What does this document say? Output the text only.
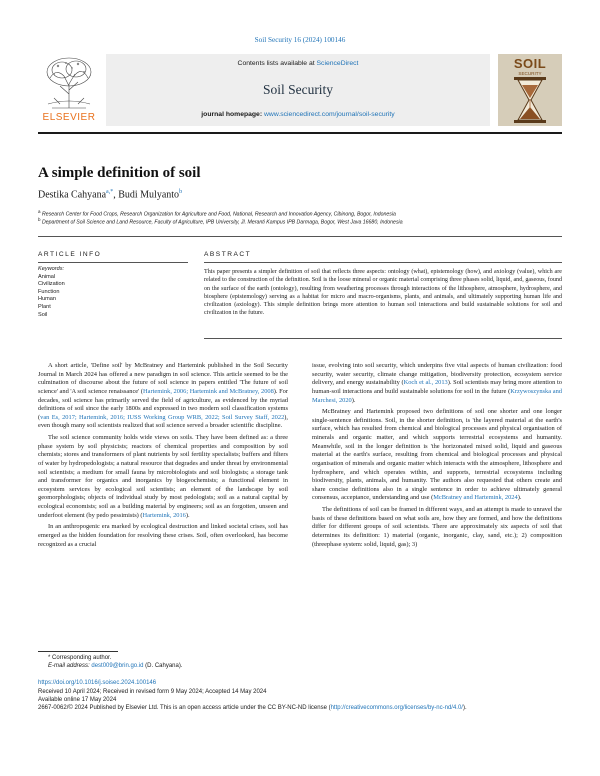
Soil Security 16 (2024) 100146
ELSEVIER
Contents lists available at ScienceDirect
Soil Security
journal homepage: www.sciencedirect.com/journal/soil-security
SOIL
SECURITY
A simple definition of soil
Destika Cahyana$^{a,*}$, Budi Mulyanto$^b$
$^a$ Research Center for Food Crops, Research Organization for Agriculture and Food, National, Research and Innovation Agency, Cibinong, Bogor, Indonesia
$^b$ Department of Soil Science and Land Resource, Faculty of Agriculture, IPB University, Jl. Meranti Kampus IPB Darmaga, Bogor, West Java 16680, Indonesia
ARTICLE INFO	ABSTRACT
Keywords:
Animal
Civilization
Function
Human
Plant
Soil
This paper presents a simpler definition of soil that reflects three aspects: ontology (what), epistemology (how), and axiology (value), which are related to the construction of the definition. Soil is the loose mineral or organic material comprising three phases solid, liquid, and, gaseous, found on the surface of the earth (ontology), resulting from weathering processes through interactions of the lithosphere, atmosphere, hydrosphere, and biosphere (epistemology) serving as a habitat for micro and macro-organisms, plants, and animals, and ultimately supporting human life and civilization (axiology). This simple definition brings more attention to human soil interactions and build sustainable solutions for soil and civilization in the future.

A short article, 'Define soil' by McBratney and Hartemink published in the Soil Security Journal in March 2024 has offered a new paradigm in soil science. This article seemed to be the culmination of discourse about the future of soil science in papers entitled 'The future of soil science' and 'A soil science renaissance' (Hartemink, 2006; Hartemink and McBratney, 2008). For decades, soil science has primarily served the field of agriculture, as evidenced by the myriad definitions of soil since the early 1800s and expressed in two modern soil classification systems (van Es, 2017; Hartemink, 2016; IUSS Working Group WRB, 2022; Soil Survey Staff, 2022), even though many soil scientists realized that soil science served a broader scientific discipline.

The soil science community holds wide views on soils. They have been defined as: a three phase system by soil physicists; reactors of chemical properties and composition by soil chemists; stores and transformers of plant nutrients by soil fertility specialists; buffers and filters of water by hydropedologists; a natural resource that degrades and under threat by environmental soil scientists; a medium for small fauna by microbiologists and soil biologists; a storage tank and transformer for organics and inorganics by biogeochemists; a functional element in ecosystem services by ecological soil scientists; an element of the landscape by soil geomorphologists; objects of individual study by most pedologists; soil as a natural capital by ecological economists; soil as a building material by engineers; soil as an forgotten, unseen and underfoot element (by pedo pessimists) (Hartemink, 2016).

In an anthropogenic era marked by ecological destruction and linked societal crises, soil has emerged as the hidden foundation for resolving these crises. Soil, often overlooked, has become recognized as a crucial

issue, evolving into soil security, which underpins five vital aspects of human civilization: food security, water security, climate change mitigation, biodiversity protection, ecosystem service delivery, and energy sustainability (Koch et al., 2013). Soil scientists may bring more attention to human-soil interactions and build sustainable solutions for soil in the future (Krzywoszynska and Marchesi, 2020).

McBratney and Hartemink proposed two definitions of soil one shorter and one longer single-sentence definitions. Soil, in the shorter definition, is 'the layered material at the earth's surface, which has resulted from chemical and biological processes and physical organisation of minerals and organic matter, and which supports terrestrial ecosystems and humanity. Meanwhile, soil in the longer definition is 'the horizonated mixed solid, liquid and gaseous material at the earth's surface, resulting from chemical and biological processes and physical organisation of minerals and organic matter which interacts with the atmosphere, lithosphere and hydrosphere, and which operates within, and supports, terrestrial ecosystems including biodiversity, plants, animals, and humanity. The authors also requested that others create and share concise definitions also in a single sentence in order to achieve ultimately general consensus, acceptance, understanding and use (McBratney and Hartemink, 2024).

The definitions of soil can be framed in different ways, and an attempt is made to unravel the basis of these definitions based on what soils are, how they are formed, and how the definitions differ for different groups of soil scientists. There are approximately six aspects of soil that determines its definition: 1) material (organic, inorganic, clay, sand, etc.); 2) composition (threephase system: solid, liquid, gas); 3)

* Corresponding author.
E-mail address: dest009@brin.go.id (D. Cahyana).
https://doi.org/10.1016/j.soisec.2024.100146
Received 10 April 2024; Received in revised form 9 May 2024; Accepted 14 May 2024
Available online 17 May 2024
2667-0062/© 2024 Published by Elsevier Ltd. This is an open access article under the CC BY-NC-ND license (http://creativecommons.org/licenses/by-nc-nd/4.0/).
